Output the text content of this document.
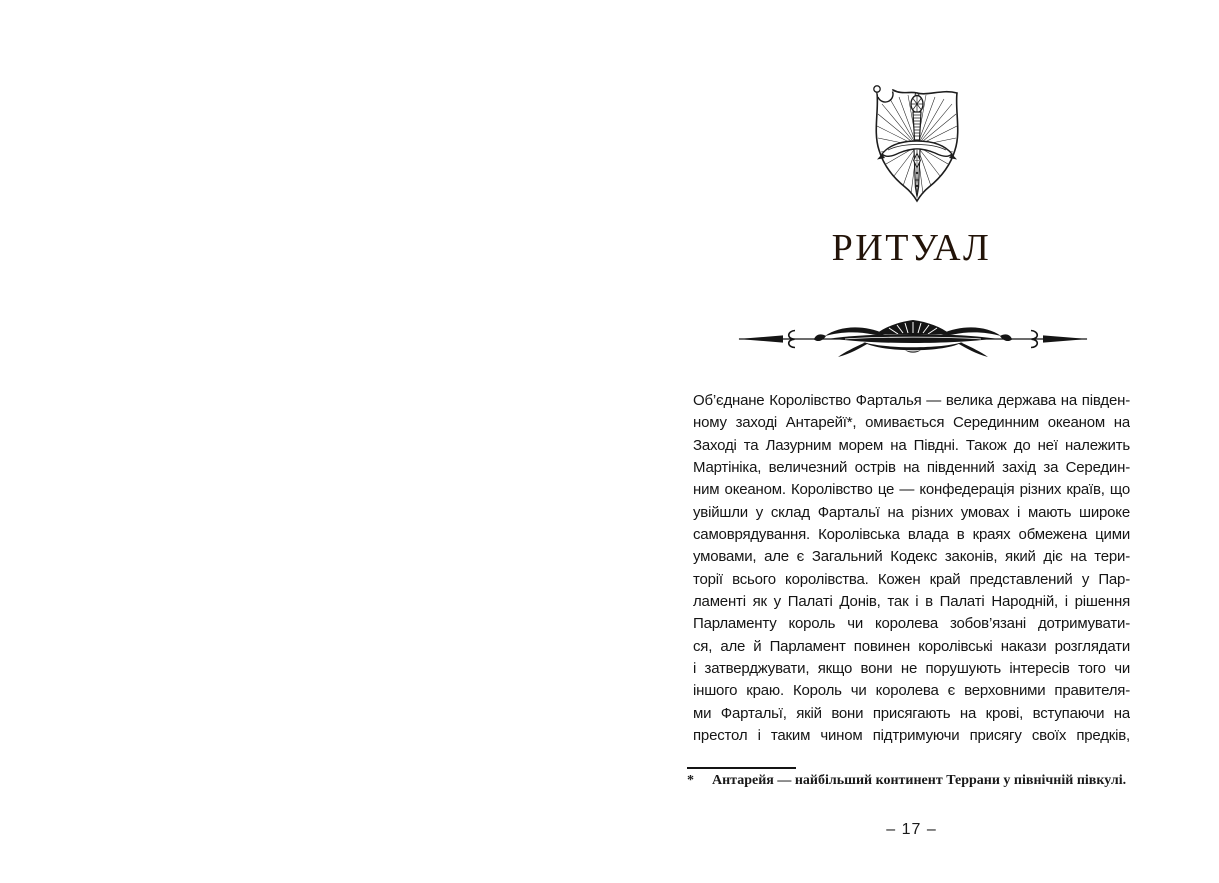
РИТУАЛ
Об’єднане Королівство Фарталья — велика держава на півден-
ному заході Антарейї*, омивається Серединним океаном на
Заході та Лазурним морем на Півдні. Також до неї належить
Мартініка, величезний острів на південний захід за Середин-
ним океаном. Королівство це — конфедерація різних країв, що
увійшли у склад Фартальї на різних умовах і мають широке
самоврядування. Королівська влада в краях обмежена цими
умовами, але є Загальний Кодекс законів, який діє на тери-
торії всього королівства. Кожен край представлений у Пар-
ламенті як у Палаті Донів, так і в Палаті Народній, і рішення
Парламенту король чи королева зобов’язані дотримувати-
ся, але й Парламент повинен королівські накази розглядати
і затверджувати, якщо вони не порушують інтересів того чи
іншого краю. Король чи королева є верховними правителя-
ми Фартальї, якій вони присягають на крові, вступаючи на
престол і таким чином підтримуючи присягу своїх предків,
*	Антарейя — найбільший континент Террани у північній півкулі.
– 17 –
